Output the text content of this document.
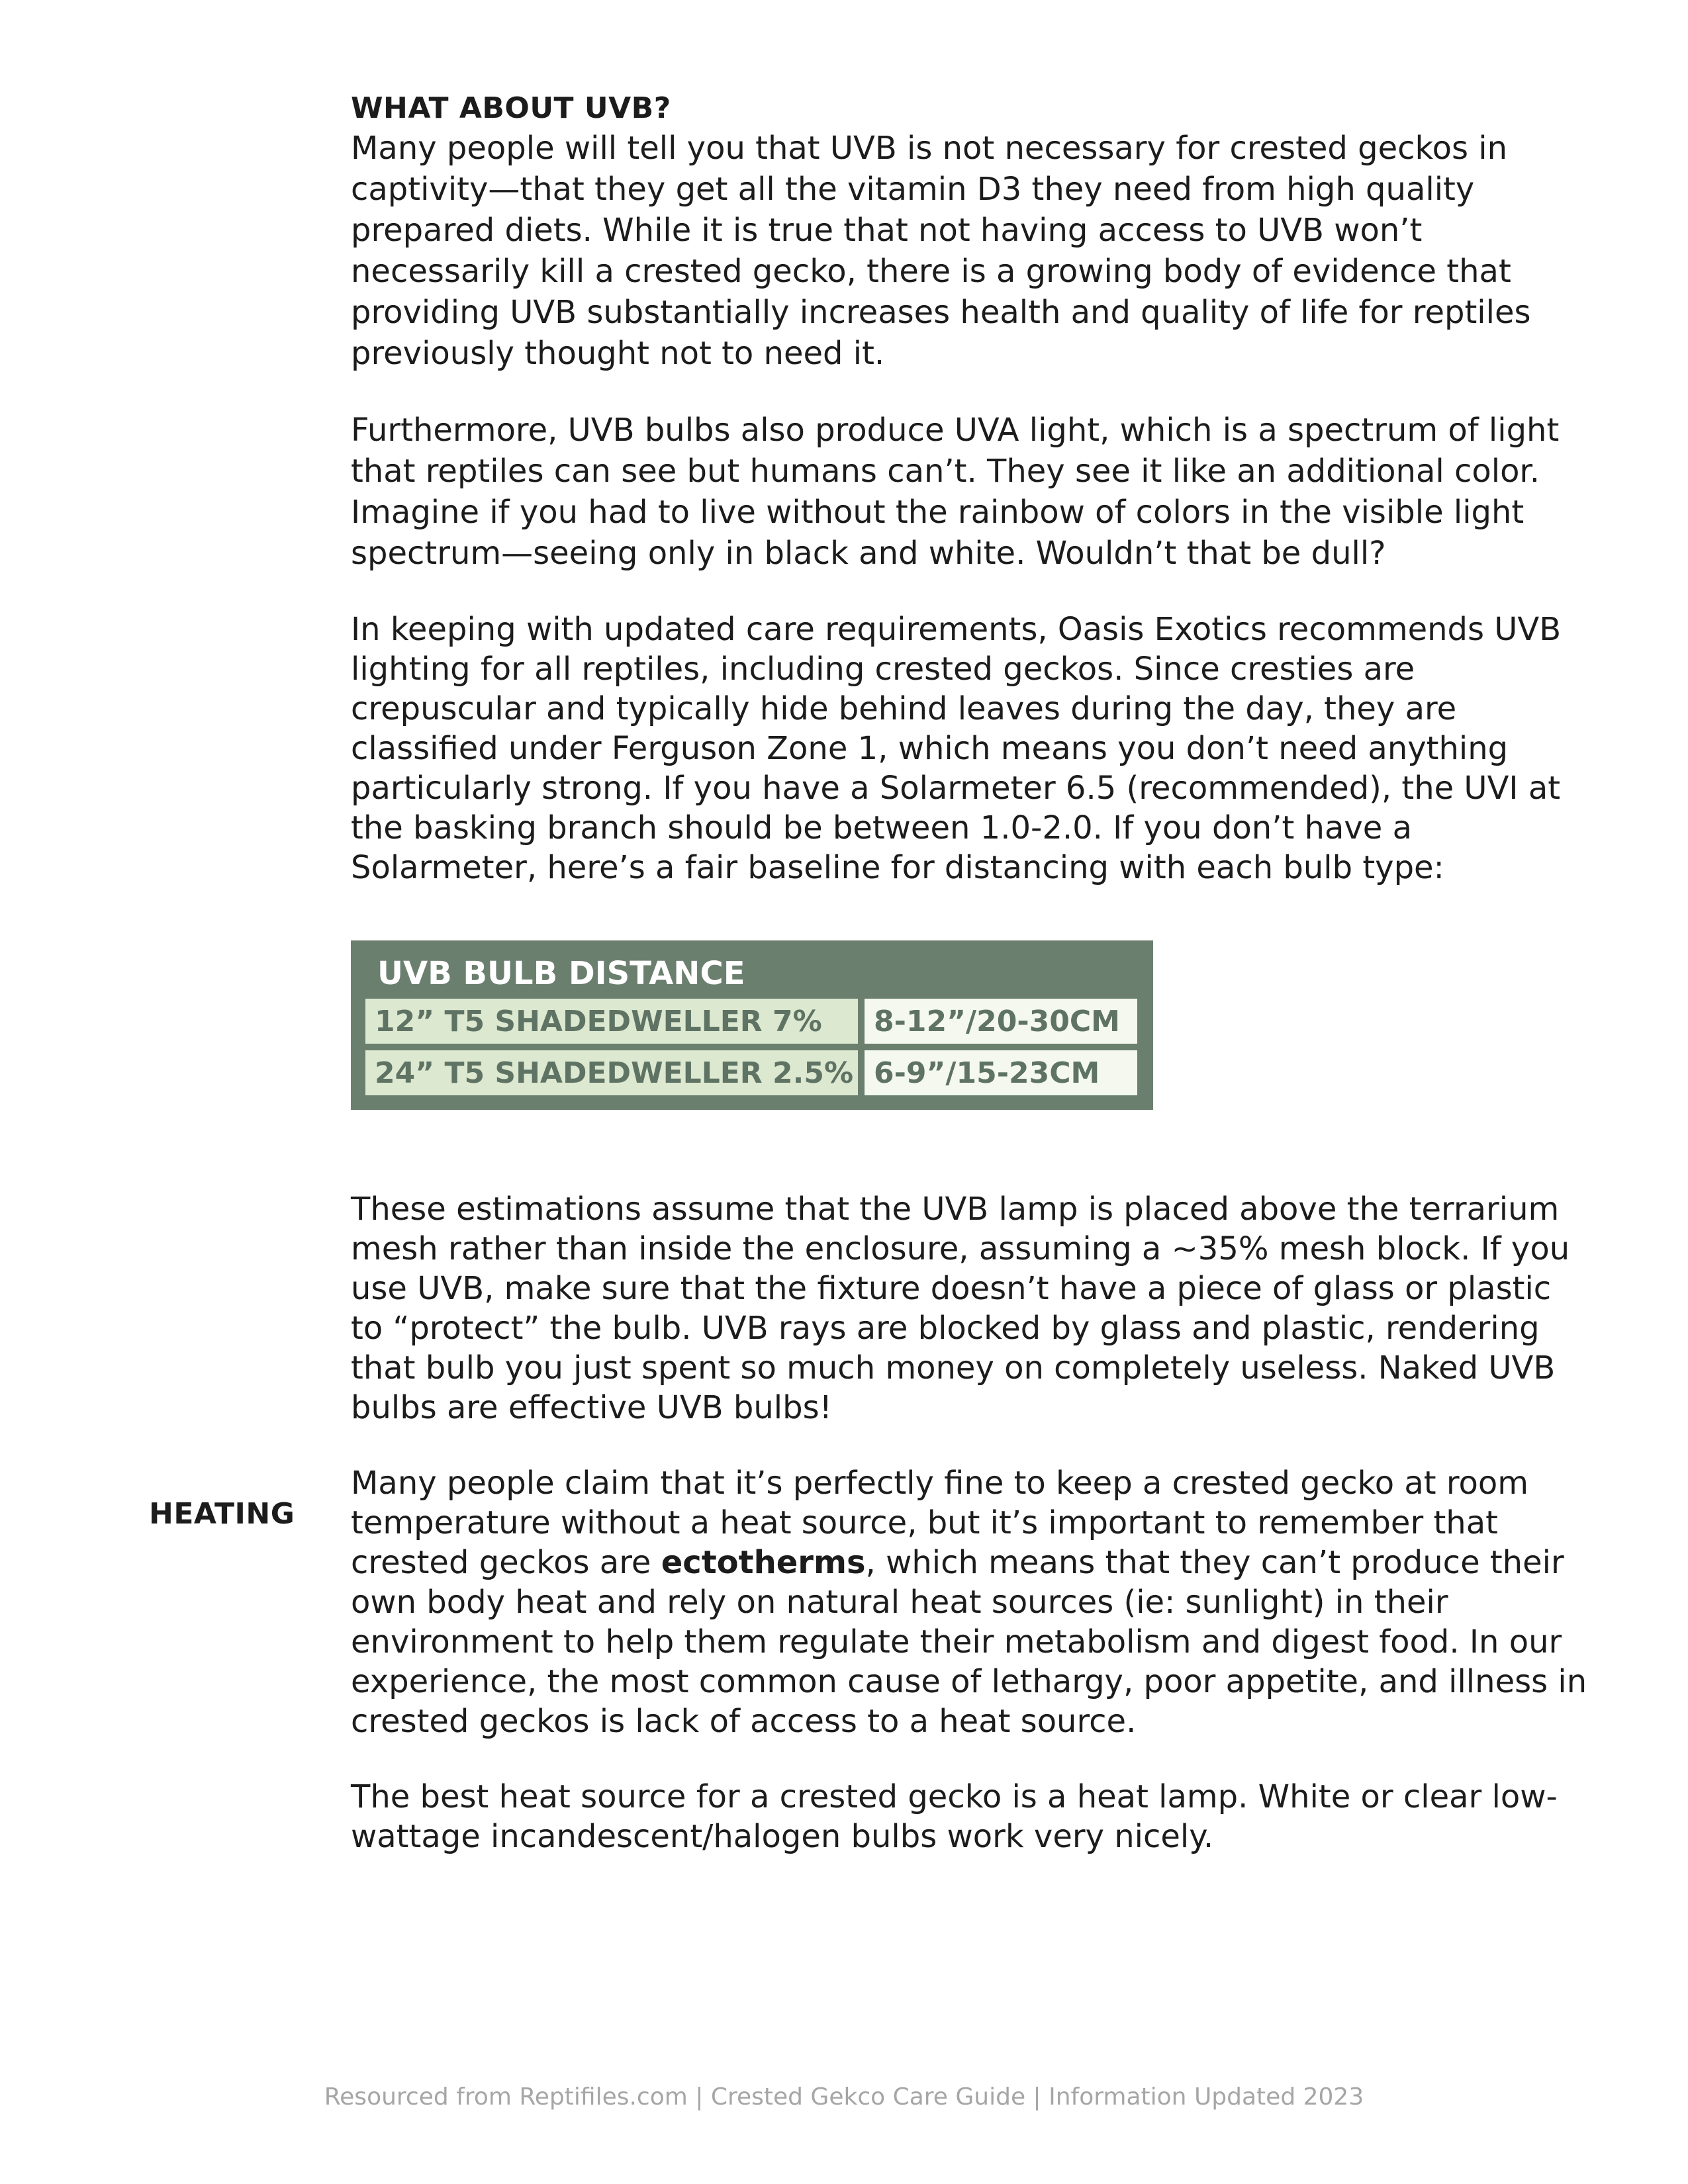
WHAT ABOUT UVB?

Many people will tell you that UVB is not necessary for crested geckos in captivity—that they get all the vitamin D3 they need from high quality prepared diets. While it is true that not having access to UVB won’t necessarily kill a crested gecko, there is a growing body of evidence that providing UVB substantially increases health and quality of life for reptiles previously thought not to need it.

Furthermore, UVB bulbs also produce UVA light, which is a spectrum of light that reptiles can see but humans can’t. They see it like an additional color. Imagine if you had to live without the rainbow of colors in the visible light spectrum—seeing only in black and white. Wouldn’t that be dull?

In keeping with updated care requirements, Oasis Exotics recommends UVB lighting for all reptiles, including crested geckos. Since cresties are crepuscular and typically hide behind leaves during the day, they are classified under Ferguson Zone 1, which means you don’t need anything particularly strong. If you have a Solarmeter 6.5 (recommended), the UVI at the basking branch should be between 1.0-2.0. If you don’t have a Solarmeter, here’s a fair baseline for distancing with each bulb type:

UVB BULB DISTANCE
12” T5 SHADEDWELLER 7%	8-12”/20-30CM
24” T5 SHADEDWELLER 2.5% 6-9”/15-23CM

These estimations assume that the UVB lamp is placed above the terrarium mesh rather than inside the enclosure, assuming a ~35% mesh block. If you use UVB, make sure that the fixture doesn’t have a piece of glass or plastic to “protect” the bulb. UVB rays are blocked by glass and plastic, rendering that bulb you just spent so much money on completely useless. Naked UVB bulbs are effective UVB bulbs!

Many people claim that it’s perfectly fine to keep a crested gecko at room temperature without a heat source, but it’s important to remember that crested geckos are ectotherms, which means that they can’t produce their own body heat and rely on natural heat sources (ie: sunlight) in their environment to help them regulate their metabolism and digest food. In our experience, the most common cause of lethargy, poor appetite, and illness in crested geckos is lack of access to a heat source.

The best heat source for a crested gecko is a heat lamp. White or clear low-wattage incandescent/halogen bulbs work very nicely.

HEATING
Resourced from Reptifiles.com | Crested Gekco Care Guide | Information Updated 2023
